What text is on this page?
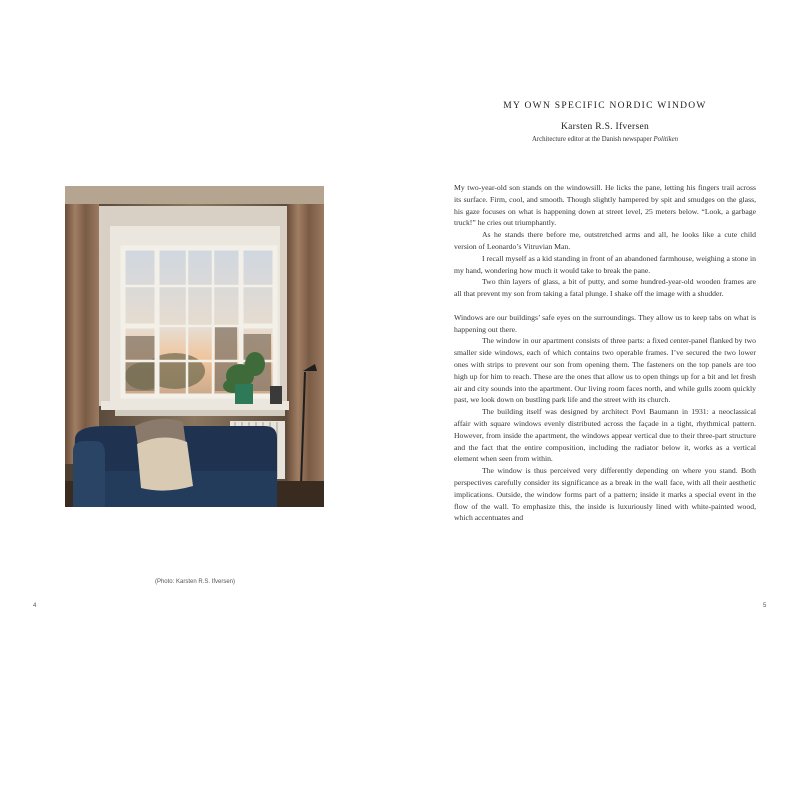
(Photo: Karsten R.S. Ifversen)
4
MY OWN SPECIFIC NORDIC WINDOW
Karsten R.S. Ifversen
Architecture editor at the Danish newspaper Politiken

My two-year-old son stands on the windowsill. He licks the pane, letting his fingers trail across its surface. Firm, cool, and smooth. Though slightly hampered by spit and smudges on the glass, his gaze focuses on what is happening down at street level, 25 meters below. “Look, a garbage truck!” he cries out triumphantly.

As he stands there before me, outstretched arms and all, he looks like a cute child version of Leonardo’s Vitruvian Man.

I recall myself as a kid standing in front of an abandoned farmhouse, weighing a stone in my hand, wondering how much it would take to break the pane.

Two thin layers of glass, a bit of putty, and some hundred-year-old wooden frames are all that prevent my son from taking a fatal plunge. I shake off the image with a shudder.

Windows are our buildings’ safe eyes on the surroundings. They allow us to keep tabs on what is happening out there.

The window in our apartment consists of three parts: a fixed center-panel flanked by two smaller side windows, each of which contains two operable frames. I’ve secured the two lower ones with strips to prevent our son from opening them. The fasteners on the top panels are too high up for him to reach. These are the ones that allow us to open things up for a bit and let fresh air and city sounds into the apartment. Our living room faces north, and while gulls zoom quickly past, we look down on bustling park life and the street with its church.

The building itself was designed by architect Povl Baumann in 1931: a neoclassical affair with square windows evenly distributed across the façade in a tight, rhythmical pattern. However, from inside the apartment, the windows appear vertical due to their three-part structure and the fact that the entire composition, including the radiator below it, works as a vertical element when seen from within.

The window is thus perceived very differently depending on where you stand. Both perspectives carefully consider its significance as a break in the wall face, with all their aesthetic implications. Outside, the window forms part of a pattern; inside it marks a special event in the flow of the wall. To emphasize this, the inside is luxuriously lined with white-painted wood, which accentuates and

5
